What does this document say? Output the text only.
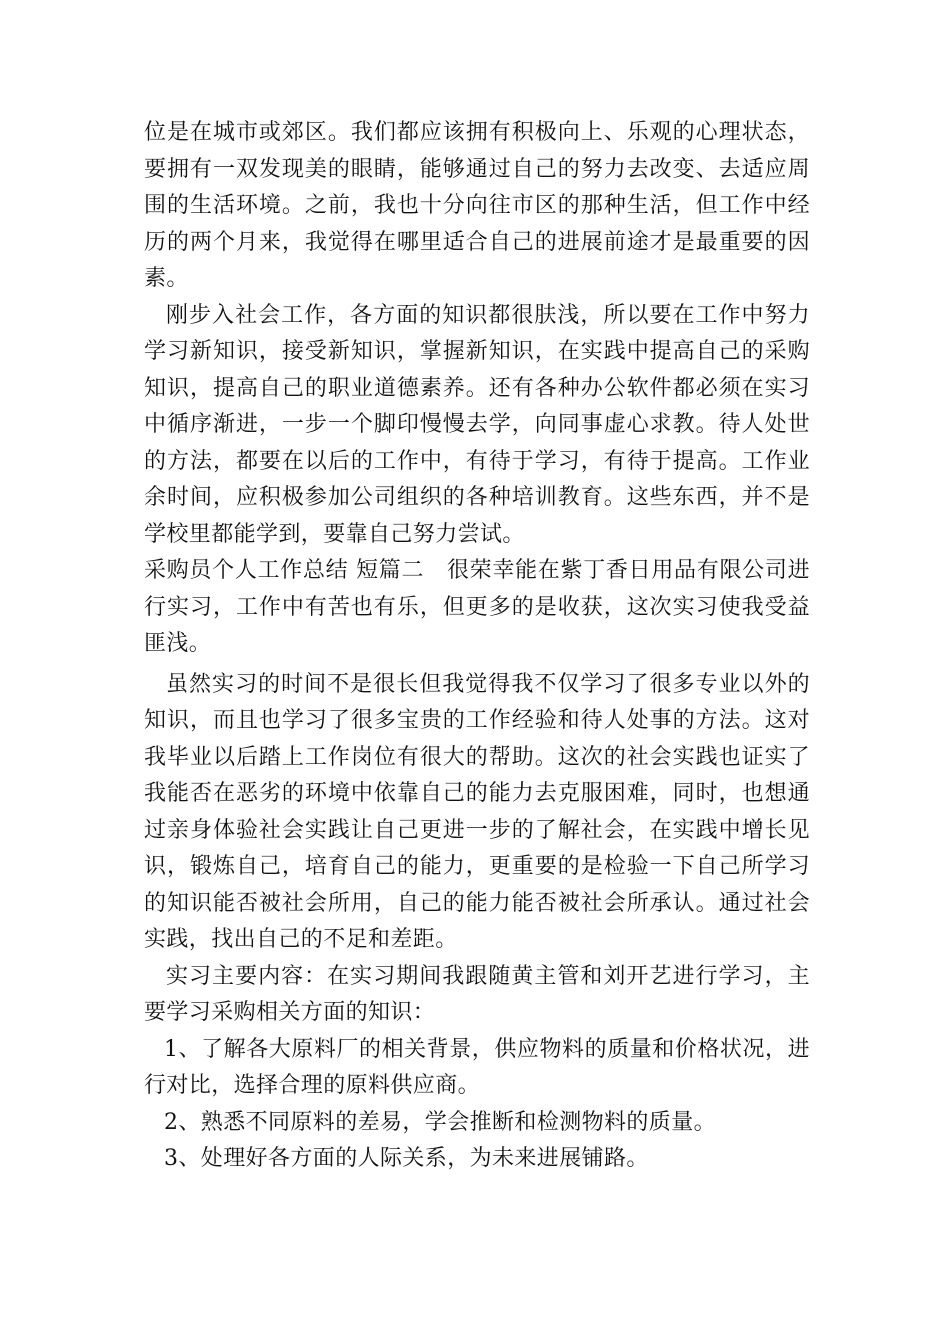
位是在城市或郊区。我们都应该拥有积极向上、乐观的心理状态，要拥有一双发现美的眼睛，能够通过自己的努力去改变、去适应周围的生活环境。之前，我也十分向往市区的那种生活，但工作中经历的两个月来，我觉得在哪里适合自己的进展前途才是最重要的因素。

刚步入社会工作，各方面的知识都很肤浅，所以要在工作中努力学习新知识，接受新知识，掌握新知识，在实践中提高自己的采购知识，提高自己的职业道德素养。还有各种办公软件都必须在实习中循序渐进，一步一个脚印慢慢去学，向同事虚心求教。待人处世的方法，都要在以后的工作中，有待于学习，有待于提高。工作业余时间，应积极参加公司组织的各种培训教育。这些东西，并不是学校里都能学到，要靠自己努力尝试。

采购员个人工作总结 短篇二　很荣幸能在紫丁香日用品有限公司进行实习，工作中有苦也有乐，但更多的是收获，这次实习使我受益匪浅。

虽然实习的时间不是很长但我觉得我不仅学习了很多专业以外的知识，而且也学习了很多宝贵的工作经验和待人处事的方法。这对我毕业以后踏上工作岗位有很大的帮助。这次的社会实践也证实了我能否在恶劣的环境中依靠自己的能力去克服困难，同时，也想通过亲身体验社会实践让自己更进一步的了解社会，在实践中增长见识，锻炼自己，培育自己的能力，更重要的是检验一下自己所学习的知识能否被社会所用，自己的能力能否被社会所承认。通过社会实践，找出自己的不足和差距。

实习主要内容：在实习期间我跟随黄主管和刘开艺进行学习，主要学习采购相关方面的知识：

1、了解各大原料厂的相关背景，供应物料的质量和价格状况，进行对比，选择合理的原料供应商。

2、熟悉不同原料的差易，学会推断和检测物料的质量。

3、处理好各方面的人际关系，为未来进展铺路。
